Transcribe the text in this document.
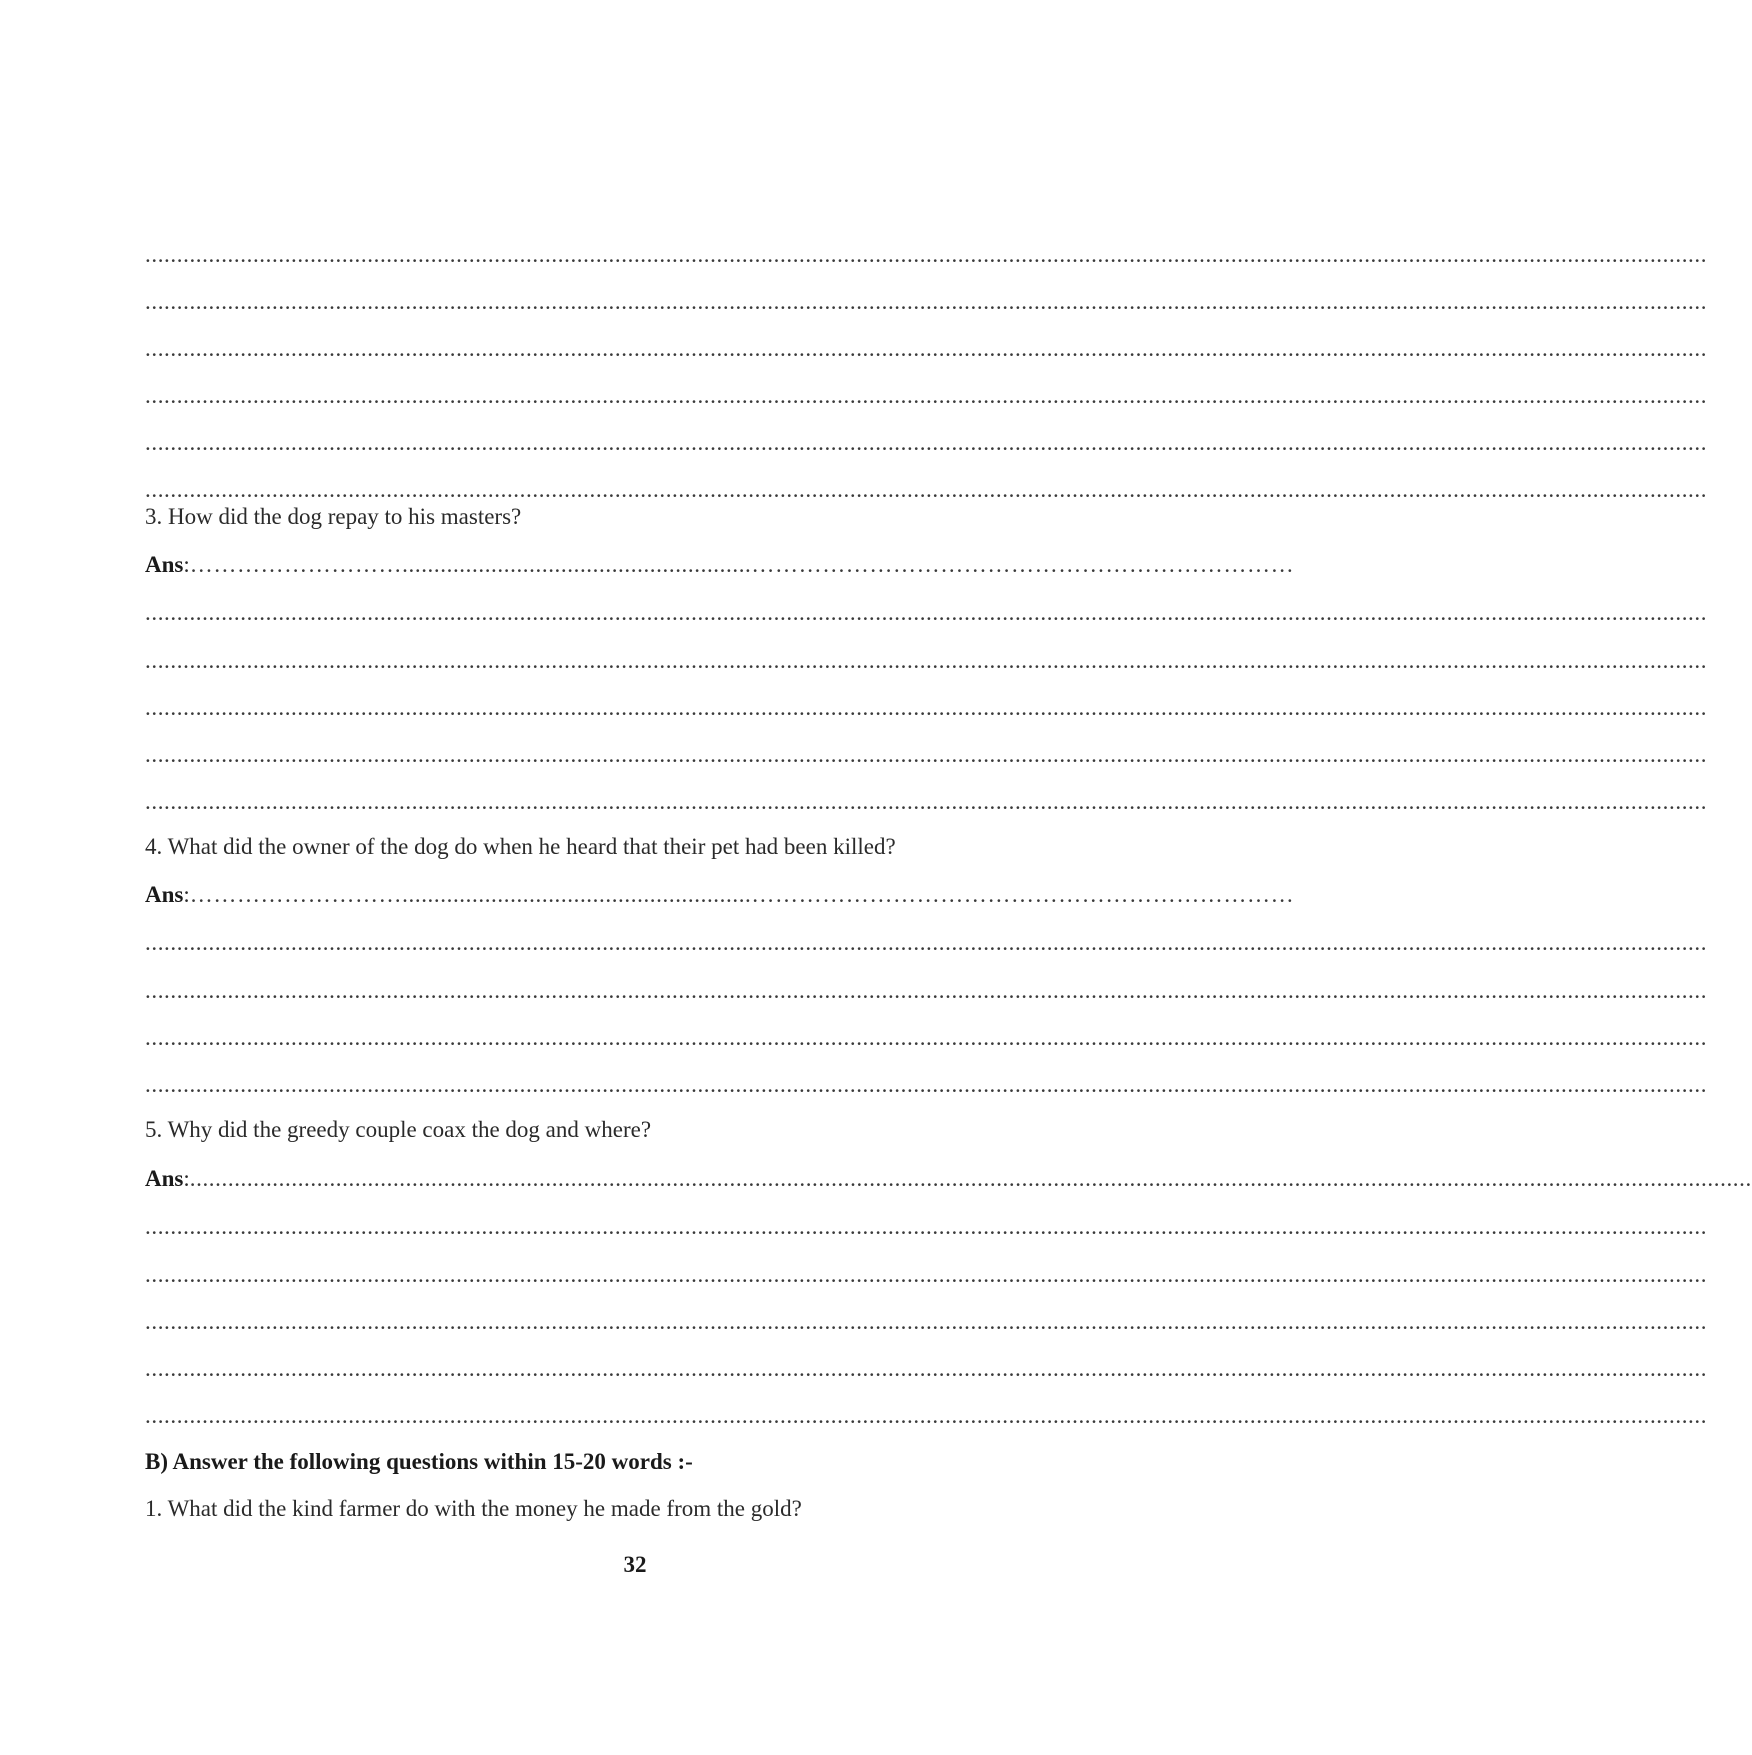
......................................................................................................................................................................................................................................................
......................................................................................................................................................................................................................................................
......................................................................................................................................................................................................................................................
......................................................................................................................................................................................................................................................
......................................................................................................................................................................................................................................................
......................................................................................................................................................................................................................................................
3. How did the dog repay to his masters?
Ans : ……………………….......................................................……………………………………………………………
......................................................................................................................................................................................................................................................
......................................................................................................................................................................................................................................................
......................................................................................................................................................................................................................................................
......................................................................................................................................................................................................................................................
......................................................................................................................................................................................................................................................
4. What did the owner of the dog do when he heard that their pet had been killed?
Ans : ……………………….......................................................……………………………………………………………
......................................................................................................................................................................................................................................................
......................................................................................................................................................................................................................................................
......................................................................................................................................................................................................................................................
......................................................................................................................................................................................................................................................
5. Why did the greedy couple coax the dog and where?
Ans : ......................................................................................................................................................................................................................................................
......................................................................................................................................................................................................................................................
......................................................................................................................................................................................................................................................
......................................................................................................................................................................................................................................................
......................................................................................................................................................................................................................................................
......................................................................................................................................................................................................................................................
B) Answer the following questions within 15-20 words :-
1. What did the kind farmer do with the money he made from the gold?
32
